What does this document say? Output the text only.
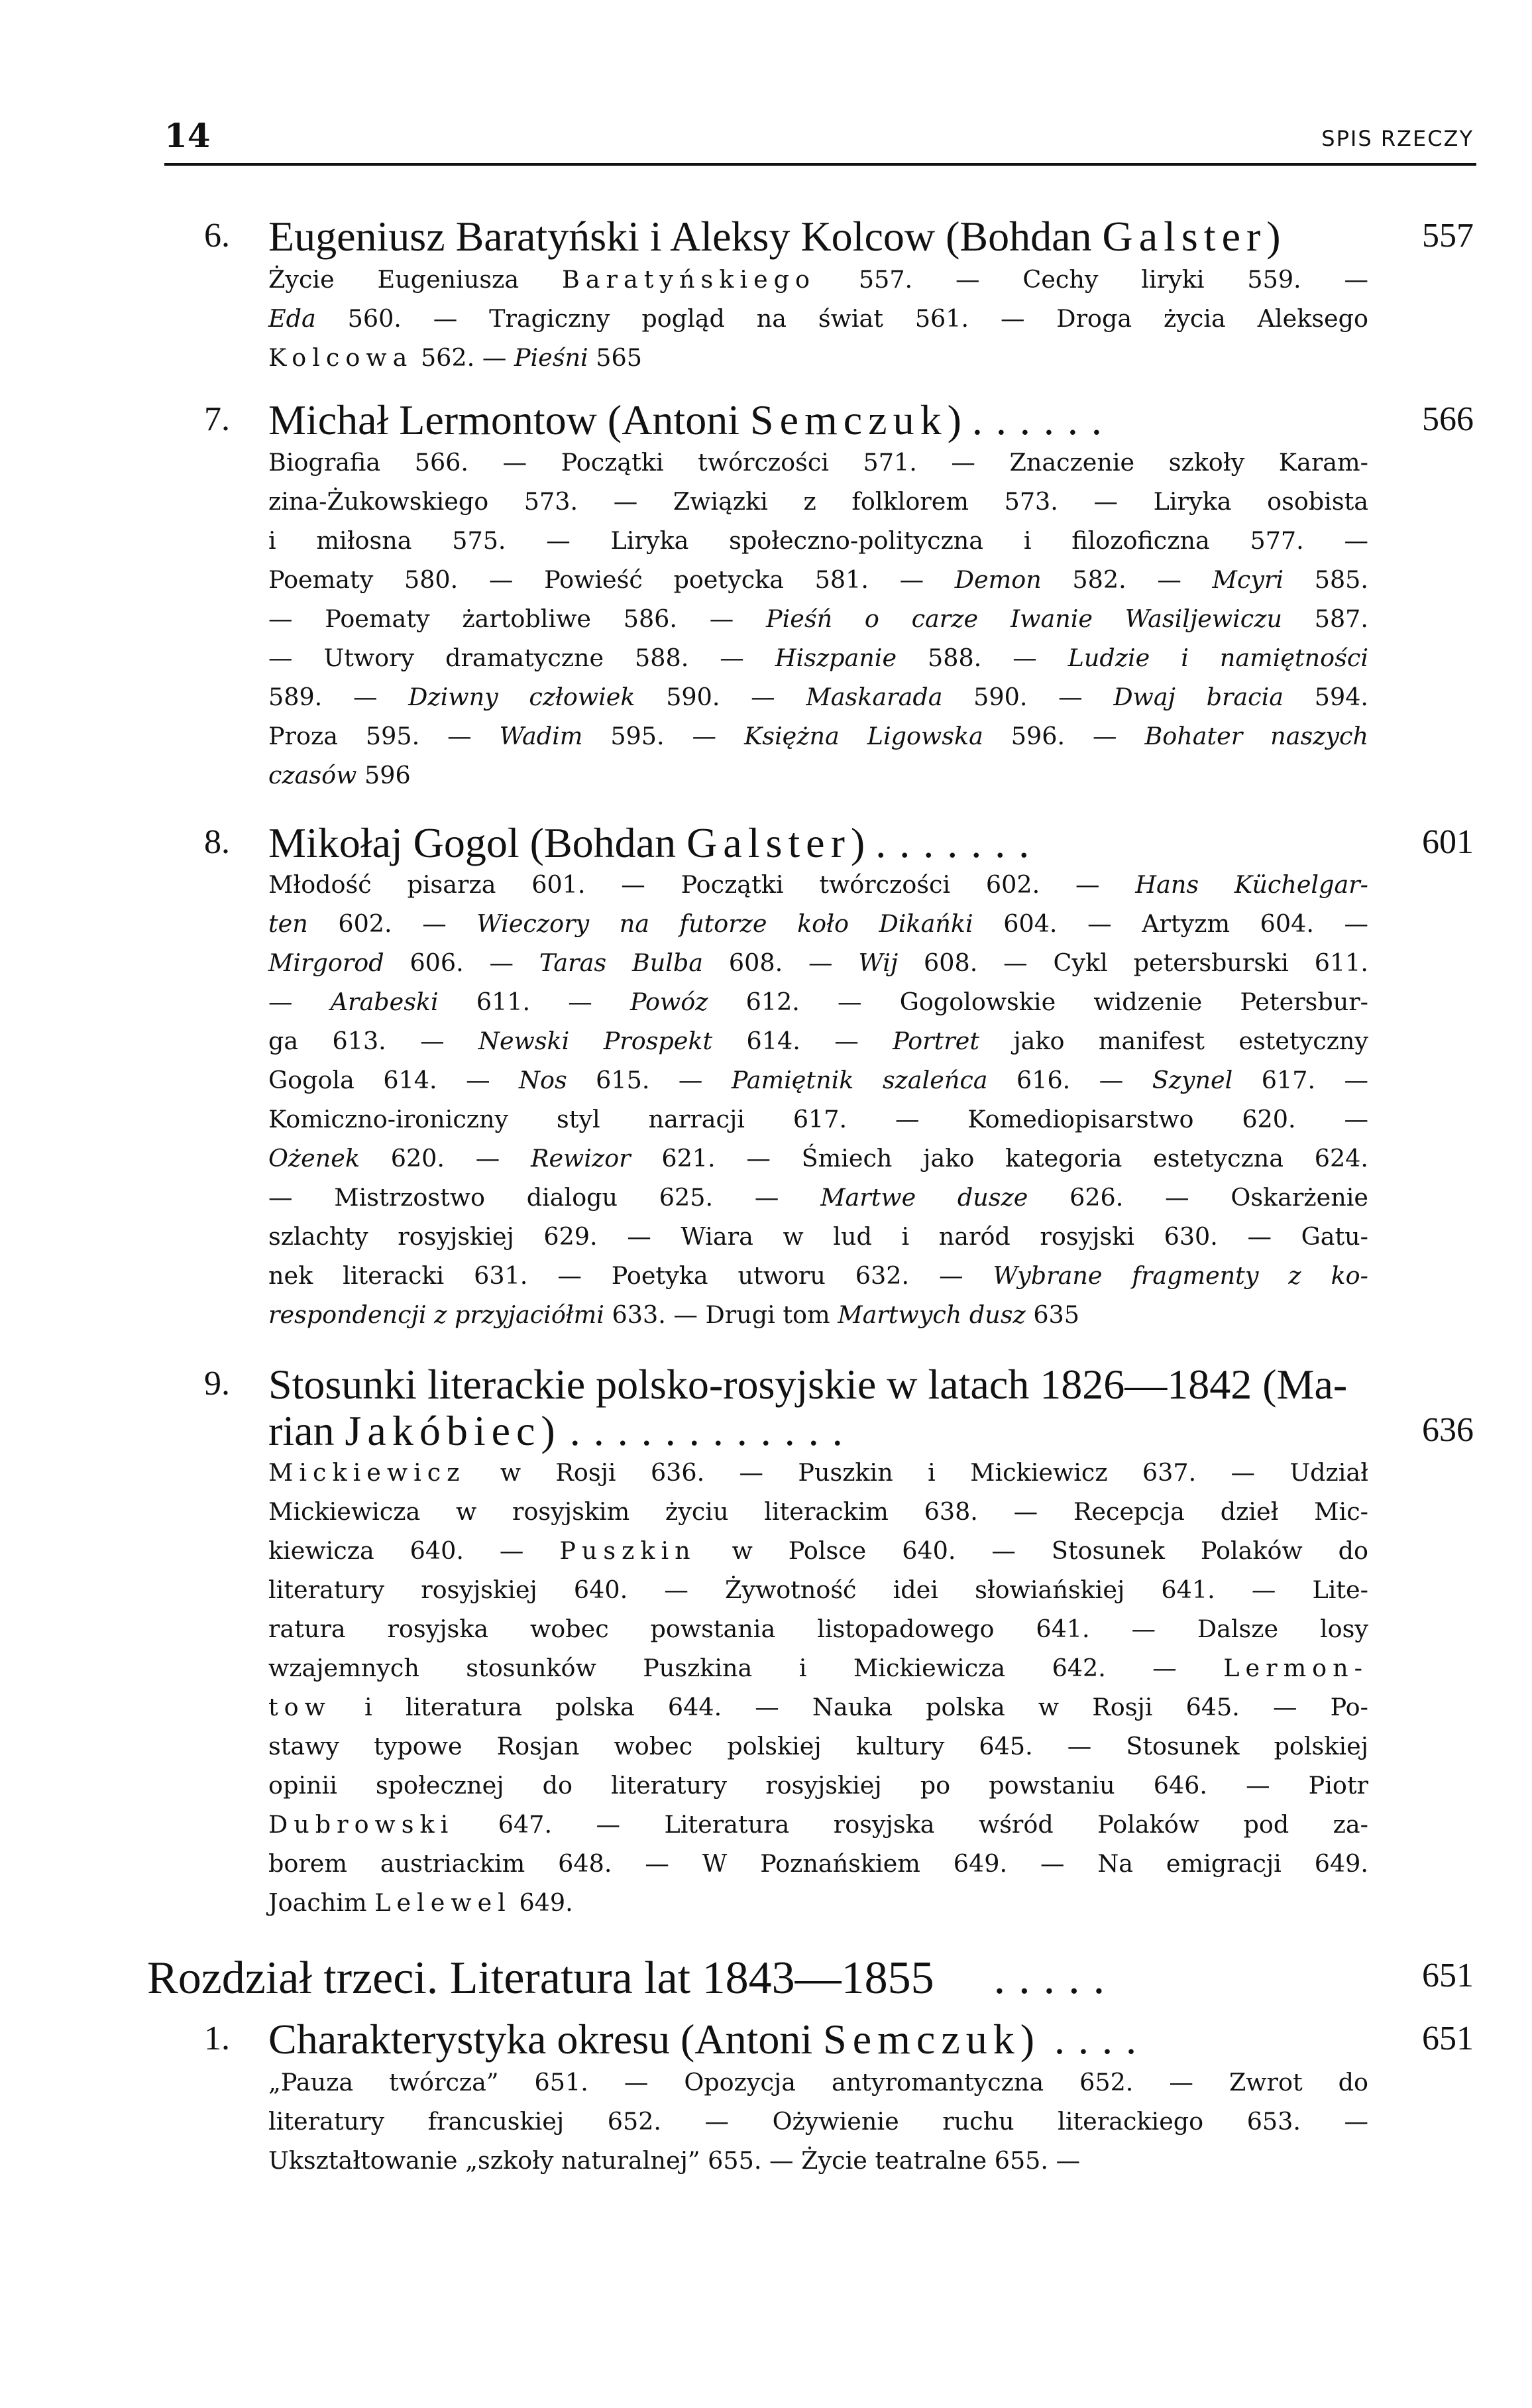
14	SPIS RZECZY
6. Eugeniusz Baratyński i Aleksy Kolcow (Bohdan Galster)	557
Życie Eugeniusza Baratyńskiego 557. — Cechy liryki 559. —
Eda 560. — Tragiczny pogląd na świat 561. — Droga życia Aleksego
Kolcowa 562. — Pieśni 565
7. Michał Lermontow (Antoni Semczuk) ......	566
Biografia 566. — Początki twórczości 571. — Znaczenie szkoły Karam-
zina-Żukowskiego 573. — Związki z folklorem 573. — Liryka osobista
i miłosna 575. — Liryka społeczno-polityczna i filozoficzna 577. —
Poematy 580. — Powieść poetycka 581. — Demon 582. — Mcyri 585.
— Poematy żartobliwe 586. — Pieśń o carze Iwanie Wasiljewiczu 587.
— Utwory dramatyczne 588. — Hiszpanie 588. — Ludzie i namiętności
589. — Dziwny człowiek 590. — Maskarada 590. — Dwaj bracia 594.
Proza 595. — Wadim 595. — Księżna Ligowska 596. — Bohater naszych
czasów 596
8. Mikołaj Gogol (Bohdan Galster) .......	601
Młodość pisarza 601. — Początki twórczości 602. — Hans Küchelgar-
ten 602. — Wieczory na futorze koło Dikańki 604. — Artyzm 604. —
Mirgorod 606. — Taras Bulba 608. — Wij 608. — Cykl petersburski 611.
— Arabeski 611. — Powóz 612. — Gogolowskie widzenie Petersbur-
ga 613. — Newski Prospekt 614. — Portret jako manifest estetyczny
Gogola 614. — Nos 615. — Pamiętnik szaleńca 616. — Szynel 617. —
Komiczno-ironiczny styl narracji 617. — Komediopisarstwo 620. —
Ożenek 620. — Rewizor 621. — Śmiech jako kategoria estetyczna 624.
— Mistrzostwo dialogu 625. — Martwe dusze 626. — Oskarżenie
szlachty rosyjskiej 629. — Wiara w lud i naród rosyjski 630. — Gatu-
nek literacki 631. — Poetyka utworu 632. — Wybrane fragmenty z ko-
respondencji z przyjaciółmi 633. — Drugi tom Martwych dusz 635
9. Stosunki literackie polsko-rosyjskie w latach 1826—1842 (Ma-
rian Jakóbiec) ............	636
Mickiewicz w Rosji 636. — Puszkin i Mickiewicz 637. — Udział
Mickiewicza w rosyjskim życiu literackim 638. — Recepcja dzieł Mic-
kiewicza 640. — Puszkin w Polsce 640. — Stosunek Polaków do
literatury rosyjskiej 640. — Żywotność idei słowiańskiej 641. — Lite-
ratura rosyjska wobec powstania listopadowego 641. — Dalsze losy
wzajemnych stosunków Puszkina i Mickiewicza 642. — Lermon-
tow i literatura polska 644. — Nauka polska w Rosji 645. — Po-
stawy typowe Rosjan wobec polskiej kultury 645. — Stosunek polskiej
opinii społecznej do literatury rosyjskiej po powstaniu 646. — Piotr
Dubrowski 647. — Literatura rosyjska wśród Polaków pod za-
borem austriackim 648. — W Poznańskiem 649. — Na emigracji 649.
Joachim Lelewel 649.
Rozdział trzeci. Literatura lat 1843—1855 .....	651
1. Charakterystyka okresu (Antoni Semczuk) ....	651
„Pauza twórcza” 651. — Opozycja antyromantyczna 652. — Zwrot do
literatury francuskiej 652. — Ożywienie ruchu literackiego 653. —
Ukształtowanie „szkoły naturalnej” 655. — Życie teatralne 655. —
